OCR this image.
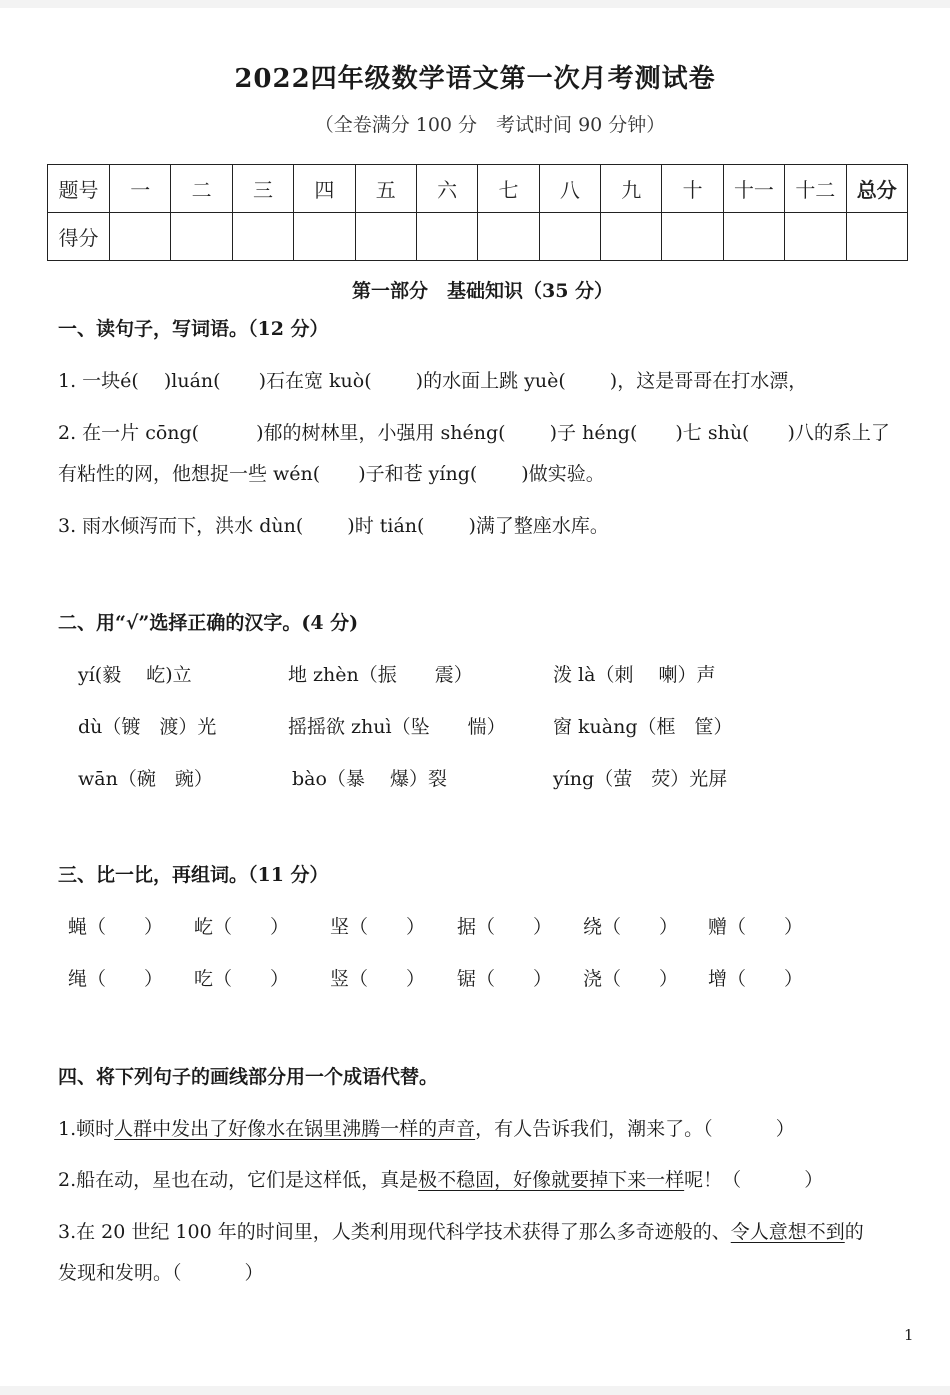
2022四年级数学语文第一次月考测试卷
（全卷满分 100 分　考试时间 90 分钟）
题号	一	二	三	四	五	六	七	八	九	十	十一	十二	总分
得分													
第一部分　基础知识（35 分）
一、读句子，写词语。（12 分）
1. 一块é(　 )luán(　　)石在宽 kuò(　　 )的水面上跳 yuè(　　 )，这是哥哥在打水漂，
2. 在一片 cōng(　　　)郁的树林里，小强用 shéng(　　 )子 héng(　　)七 shù(　　)八的系上了
有粘性的网，他想捉一些 wén(　　)子和苍 yíng(　　 )做实验。
3. 雨水倾泻而下，洪水 dùn(　　 )时 tián(　　 )满了整座水库。
二、用“√”选择正确的汉字。(4 分)
yí(毅　 屹)立	地 zhèn（振　　震）	泼 là（刺　 喇）声
dù（镀　渡）光	摇摇欲 zhuì（坠　　惴） 窗 kuàng（框　筐）
wān（碗　豌）	bào（暴　 爆）裂	yíng（萤　荧）光屏
三、比一比，再组词。（11 分）
蝇（　　） 屹（　　） 坚（　　） 据（　　） 绕（　　） 赠（　　）
绳（　　） 吃（　　） 竖（　　） 锯（　　） 浇（　　） 增（　　）
四、将下列句子的画线部分用一个成语代替。
1.顿时人群中发出了好像水在锅里沸腾一样的声音，有人告诉我们，潮来了。（　　　 ）
2.船在动，星也在动，它们是这样低，真是极不稳固，好像就要掉下来一样呢！（　　　 ）
3.在 20 世纪 100 年的时间里，人类利用现代科学技术获得了那么多奇迹般的、令人意想不到的
发现和发明。（　　　 ）
1
